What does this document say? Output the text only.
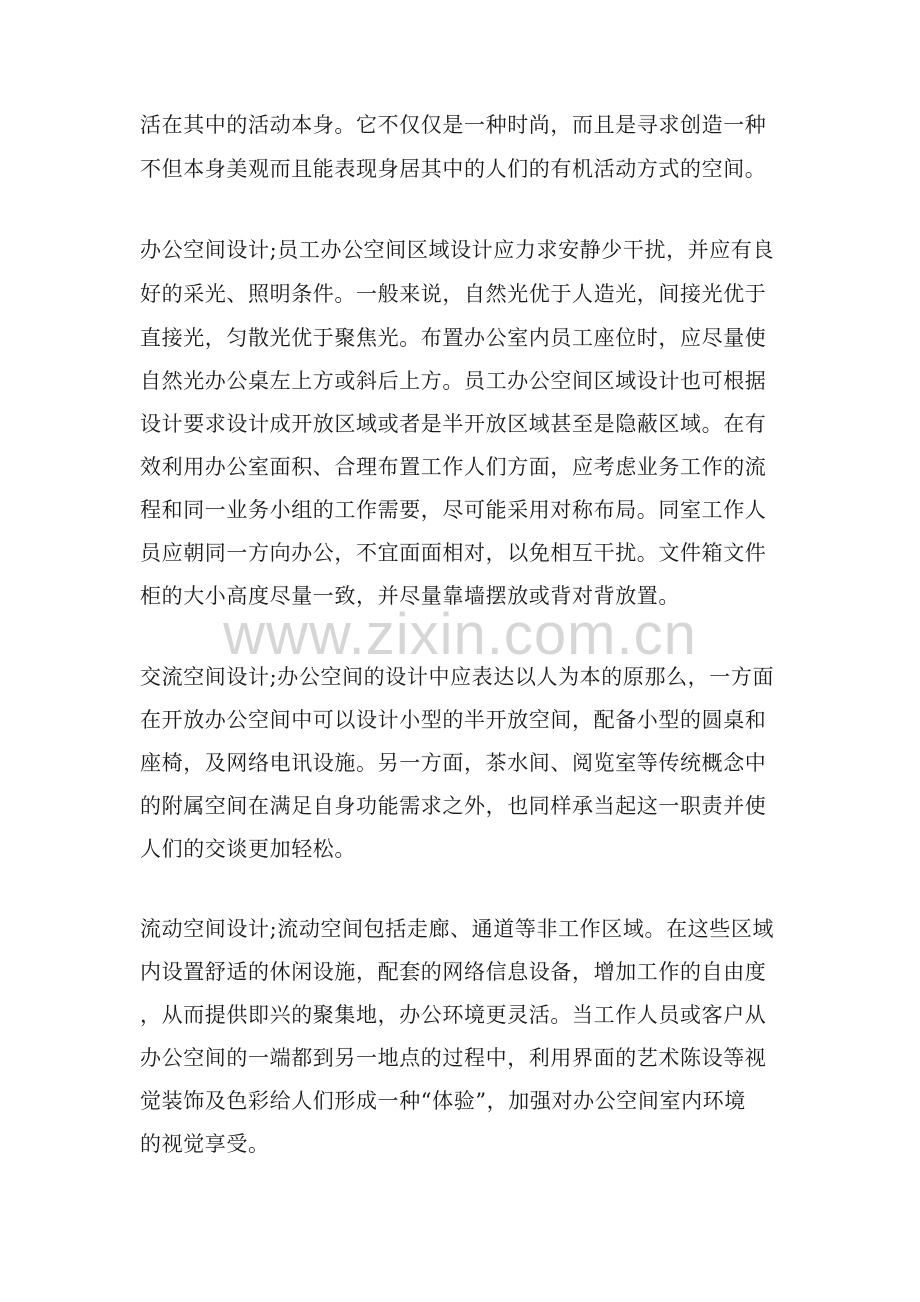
www.zixin.com.cn
活在其中的活动本身。它不仅仅是一种时尚，而且是寻求创造一种
不但本身美观而且能表现身居其中的人们的有机活动方式的空间。
办公空间设计;员工办公空间区域设计应力求安静少干扰，并应有良
好的采光、照明条件。一般来说，自然光优于人造光，间接光优于
直接光，匀散光优于聚焦光。布置办公室内员工座位时，应尽量使
自然光办公桌左上方或斜后上方。员工办公空间区域设计也可根据
设计要求设计成开放区域或者是半开放区域甚至是隐蔽区域。在有
效利用办公室面积、合理布置工作人们方面，应考虑业务工作的流
程和同一业务小组的工作需要，尽可能采用对称布局。同室工作人
员应朝同一方向办公，不宜面面相对，以免相互干扰。文件箱文件
柜的大小高度尽量一致，并尽量靠墙摆放或背对背放置。
交流空间设计;办公空间的设计中应表达以人为本的原那么，一方面
在开放办公空间中可以设计小型的半开放空间，配备小型的圆桌和
座椅，及网络电讯设施。另一方面，茶水间、阅览室等传统概念中
的附属空间在满足自身功能需求之外，也同样承当起这一职责并使
人们的交谈更加轻松。
流动空间设计;流动空间包括走廊、通道等非工作区域。在这些区域
内设置舒适的休闲设施，配套的网络信息设备，增加工作的自由度
，从而提供即兴的聚集地，办公环境更灵活。当工作人员或客户从
办公空间的一端都到另一地点的过程中，利用界面的艺术陈设等视
觉装饰及色彩给人们形成一种“体验”，加强对办公空间室内环境
的视觉享受。
